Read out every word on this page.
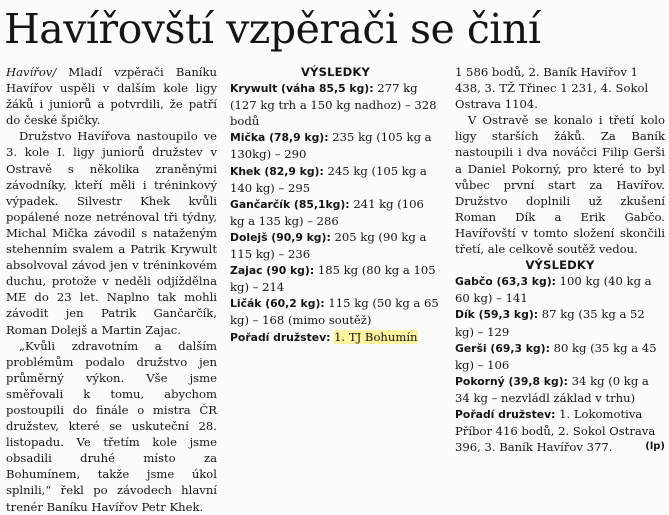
Havířovští vzpěrači se činí

Havířov/ Mladí vzpěrači Baníku Havířov uspěli v dalším kole ligy žáků i juniorů a potvrdili, že patří do české špičky.

Družstvo Havířova nastoupilo ve 3. kole I. ligy juniorů družstev v Ostravě s několika zraněnými závodníky, kteří měli i tréninkový výpadek. Silvestr Khek kvůli popálené noze netrénoval tři týdny, Michal Mička závodil s nataženým stehenním svalem a Patrik Krywult absolvoval závod jen v tréninkovém duchu, protože v neděli odjíždělna ME do 23 let. Naplno tak mohli závodit jen Patrik Gančarčík, Roman Dolejš a Martin Zajac.

„Kvůli zdravotním a dalším problémům podalo družstvo jen průměrný výkon. Vše jsme směřovali k tomu, abychom postoupili do finále o mistra ČR družstev, které se uskuteční 28. listopadu. Ve třetím kole jsme obsadili druhé místo za Bohumínem, takže jsme úkol splnili,“ řekl po závodech hlavní trenér Baníku Havířov Petr Khek.

VÝSLEDKY

Krywult (váha 85,5 kg): 277 kg (127 kg trh a 150 kg nadhoz) – 328 bodů

Mička (78,9 kg): 235 kg (105 kg a 130kg) – 290

Khek (82,9 kg): 245 kg (105 kg a 140 kg) – 295

Gančarčík (85,1kg): 241 kg (106 kg a 135 kg) – 286

Dolejš (90,9 kg): 205 kg (90 kg a 115 kg) – 236

Zajac (90 kg): 185 kg (80 kg a 105 kg) – 214

Ličák (60,2 kg): 115 kg (50 kg a 65 kg) – 168 (mimo soutěž)

Pořadí družstev: 1. TJ Bohumín

1 586 bodů, 2. Baník Havířov 1 438, 3. TŽ Třinec 1 231, 4. Sokol Ostrava 1104.

V Ostravě se konalo i třetí kolo ligy starších žáků. Za Baník nastoupili i dva nováčci Filip Gerši a Daniel Pokorný, pro které to byl vůbec první start za Havířov. Družstvo doplnili už zkušení Roman Dík a Erik Gabčo. Havířovští v tomto složení skončili třetí, ale celkově soutěž vedou.

VÝSLEDKY

Gabčo (63,3 kg): 100 kg (40 kg a 60 kg) – 141

Dík (59,3 kg): 87 kg (35 kg a 52 kg) – 129

Gerši (69,3 kg): 80 kg (35 kg a 45 kg) – 106

Pokorný (39,8 kg): 34 kg (0 kg a 34 kg – nezvládl základ v trhu)

Pořadí družstev: 1. Lokomotiva Příbor 416 bodů, 2. Sokol Ostrava 396, 3. Baník Havířov 377.	(lp)
